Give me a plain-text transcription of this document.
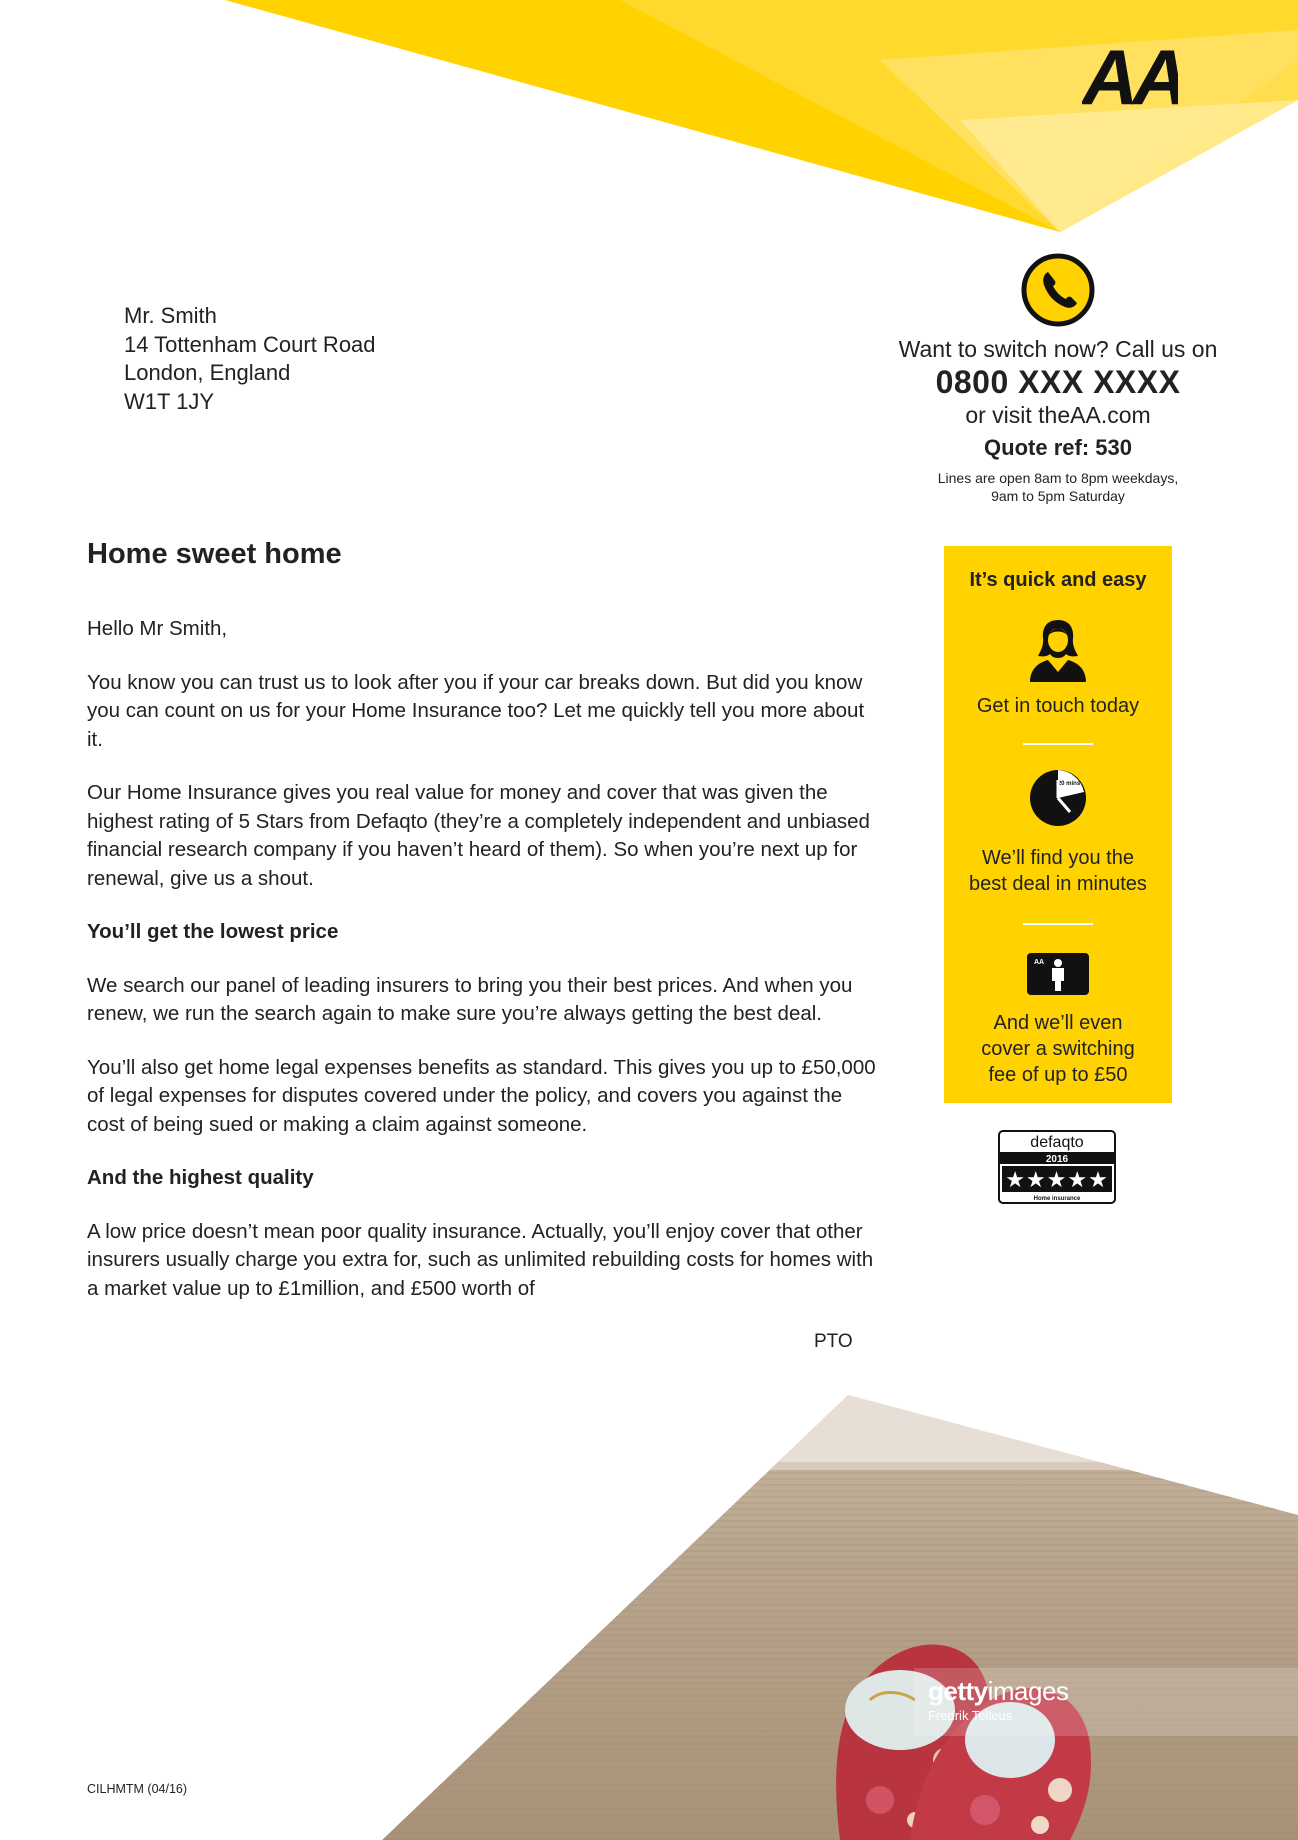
AA
Mr. Smith
14 Tottenham Court Road
London, England
W1T 1JY
Want to switch now? Call us on
0800 XXX XXXX
or visit theAA.com
Quote ref: 530
Lines are open 8am to 8pm weekdays,
9am to 5pm Saturday
Home sweet home

Hello Mr Smith,

You know you can trust us to look after you if your car breaks down. But did you know you can count on us for your Home Insurance too? Let me quickly tell you more about it.

Our Home Insurance gives you real value for money and cover that was given the highest rating of 5 Stars from Defaqto (they’re a completely independent and unbiased financial research company if you haven’t heard of them). So when you’re next up for renewal, give us a shout.

You’ll get the lowest price

We search our panel of leading insurers to bring you their best prices. And when you renew, we run the search again to make sure you’re always getting the best deal.

You’ll also get home legal expenses benefits as standard. This gives you up to £50,000 of legal expenses for disputes covered under the policy, and covers you against the cost of being sued or making a claim against someone.

And the highest quality

A low price doesn’t mean poor quality insurance. Actually, you’ll enjoy cover that other insurers usually charge you extra for, such as unlimited rebuilding costs for homes with a market value up to £1million, and £500 worth of

PTO
It’s quick and easy
Get in touch today
20 mins
We’ll find you the
best deal in minutes
AA
And we’ll even
cover a switching
fee of up to £50
defaqto
2016
★★★★★
Home insurance
gettyimages
Fredrik Telleus
CILHMTM (04/16)
